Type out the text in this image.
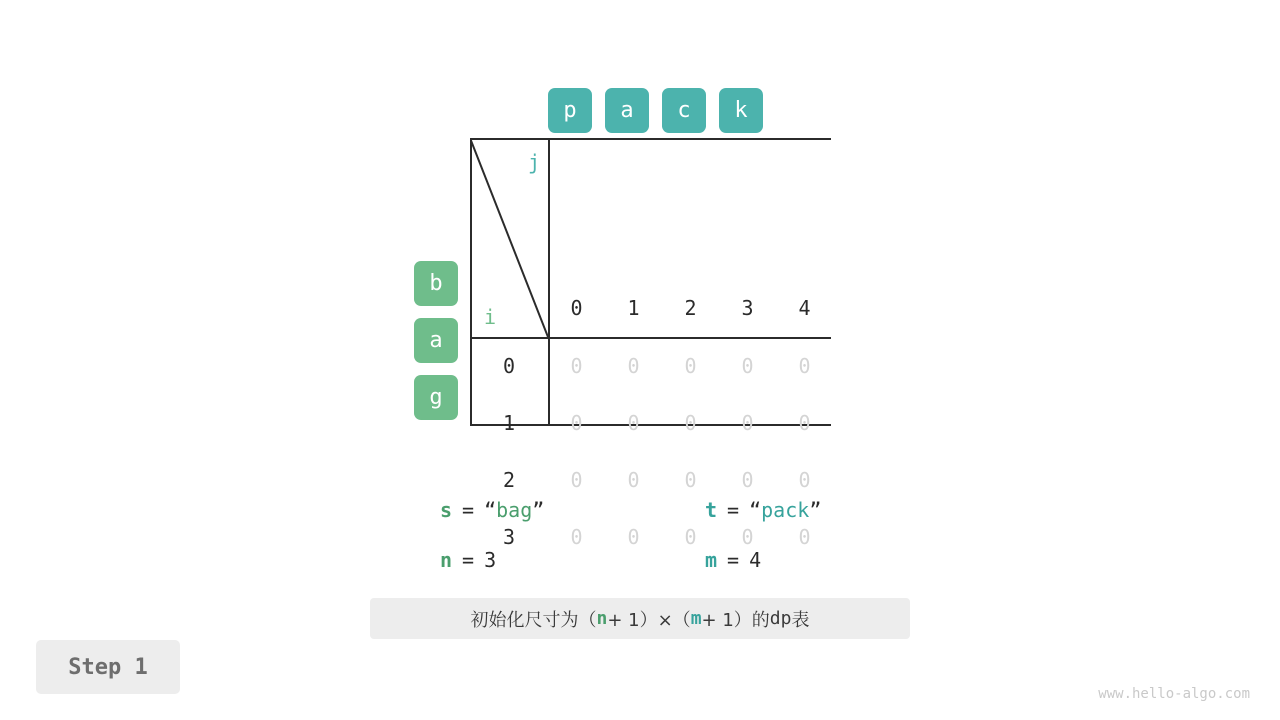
p	a	c	k
b
a
g
j
i	0	1	2	3	4
0	0	0	0	0	0
1	0	0	0	0	0
2	0	0	0	0	0
3	0	0	0	0	0
s = “ bag ”	t = “ pack ”
n = 3	m = 4
初始化尺寸为（ n + 1）×（ m + 1）的 dp 表
Step 1
www.hello-algo.com
